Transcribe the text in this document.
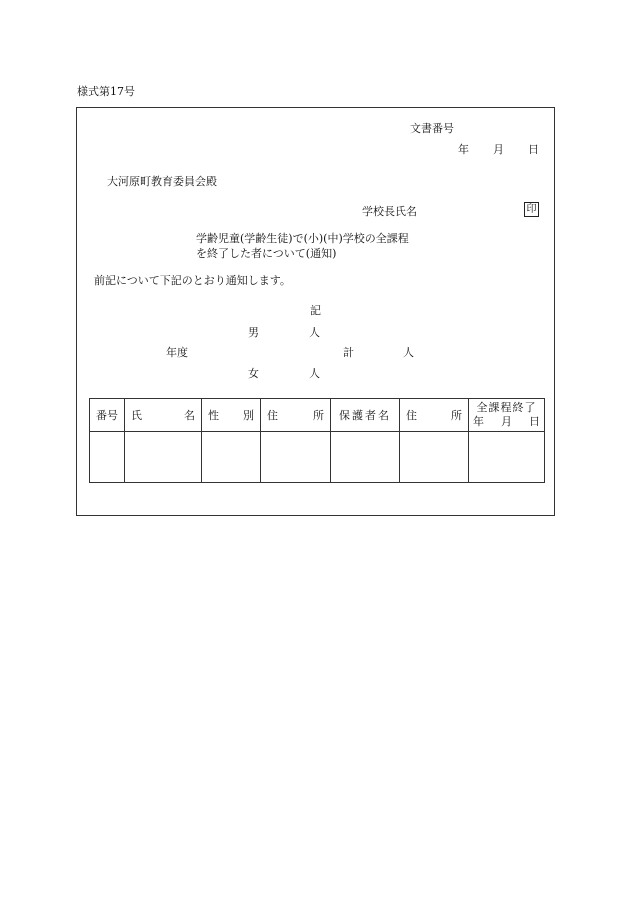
様式第17号
文書番号
年 月 日
大河原町教育委員会殿
学校長氏名	印
学齢児童(学齢生徒)で(小)(中)学校の全課程
を終了した者について(通知)
前記について下記のとおり通知します。
記
男	人
年度	計	人
女	人
番号	氏 名	性 別	住 所	保護者名	住 所	全課程終了
年 月 日
